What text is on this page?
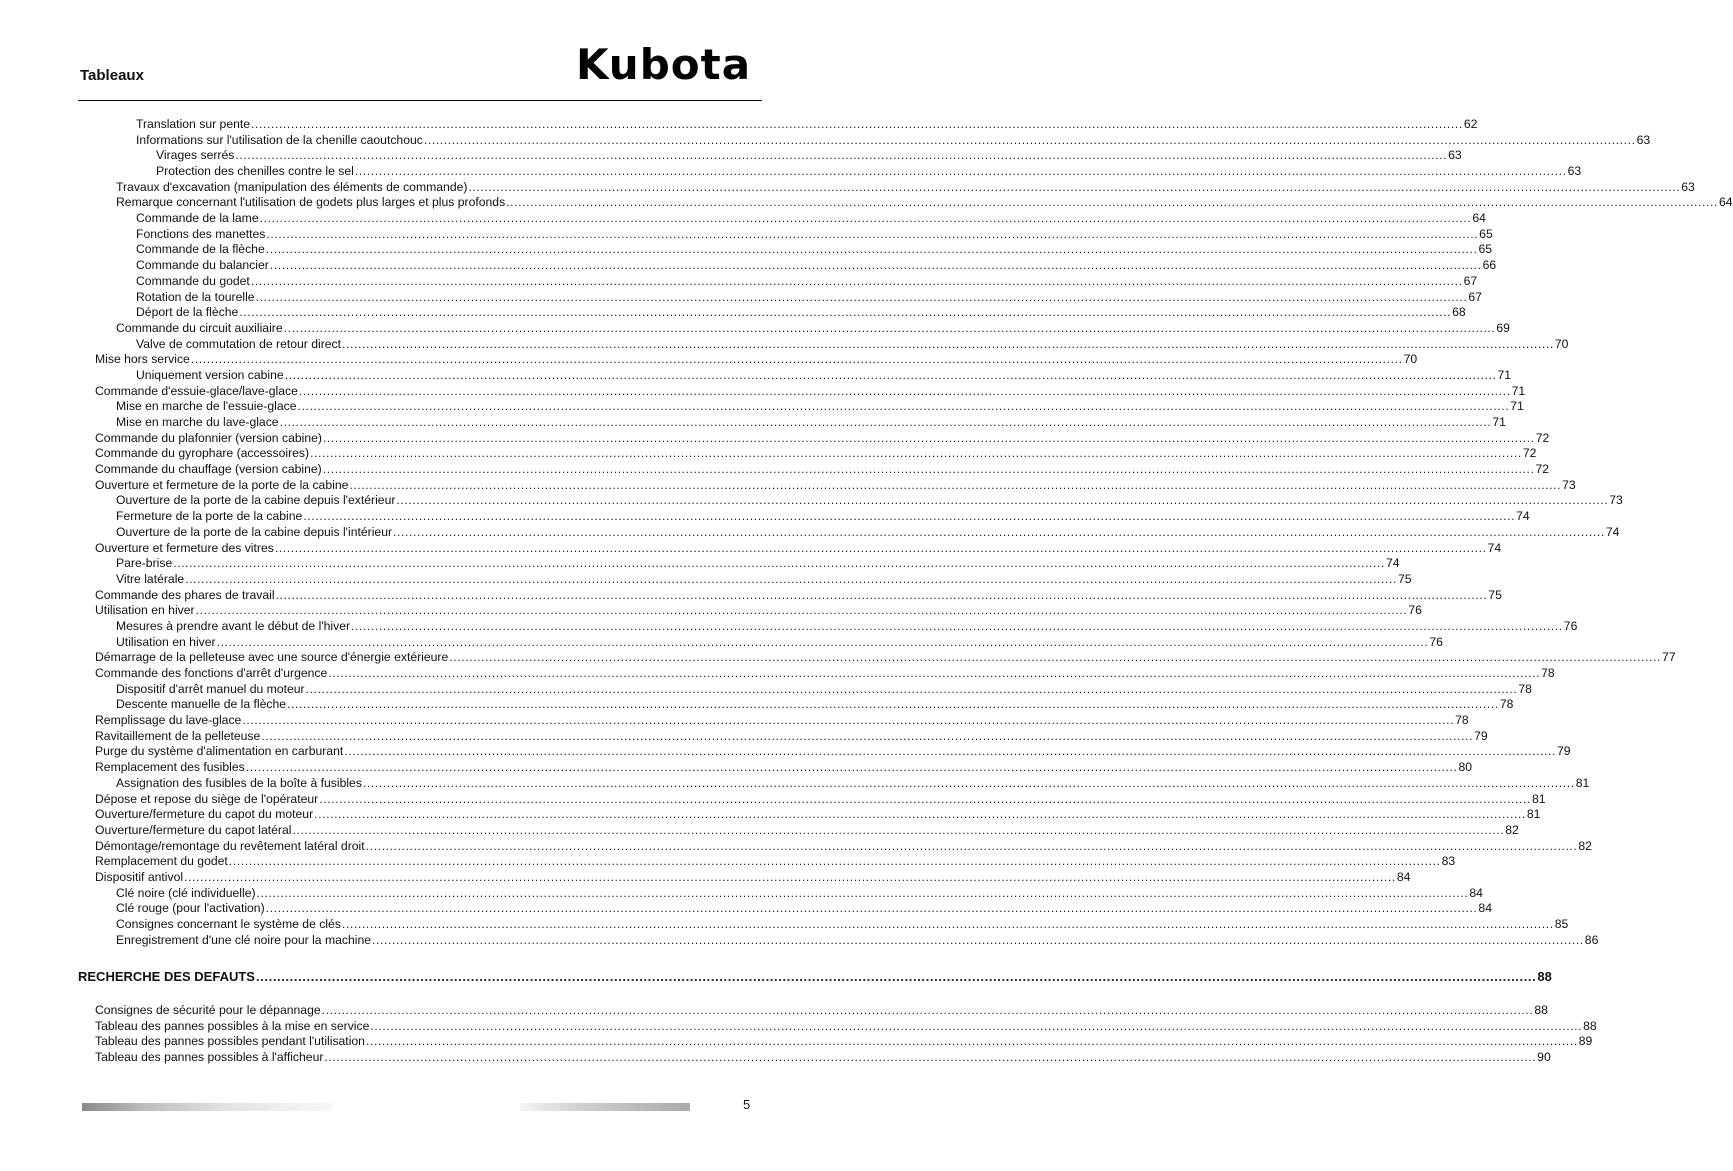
Tableaux	Kubota
Translation sur pente .....	62
Informations sur l'utilisation de la chenille caoutchouc .....	63
Virages serrés .....	63
Protection des chenilles contre le sel .....	63
Travaux d'excavation (manipulation des éléments de commande) .....	63
Remarque concernant l'utilisation de godets plus larges et plus profonds .....	64
Commande de la lame .....	64
Fonctions des manettes .....	65
Commande de la flèche .....	65
Commande du balancier .....	66
Commande du godet .....	67
Rotation de la tourelle .....	67
Déport de la flèche .....	68
Commande du circuit auxiliaire .....	69
Valve de commutation de retour direct .....	70
Mise hors service .....	70
Uniquement version cabine .....	71
Commande d'essuie-glace/lave-glace .....	71
Mise en marche de l'essuie-glace .....	71
Mise en marche du lave-glace .....	71
Commande du plafonnier (version cabine) .....	72
Commande du gyrophare (accessoires) .....	72
Commande du chauffage (version cabine) .....	72
Ouverture et fermeture de la porte de la cabine .....	73
Ouverture de la porte de la cabine depuis l'extérieur .....	73
Fermeture de la porte de la cabine .....	74
Ouverture de la porte de la cabine depuis l'intérieur .....	74
Ouverture et fermeture des vitres .....	74
Pare-brise .....	74
Vitre latérale .....	75
Commande des phares de travail .....	75
Utilisation en hiver .....	76
Mesures à prendre avant le début de l'hiver .....	76
Utilisation en hiver .....	76
Démarrage de la pelleteuse avec une source d'énergie extérieure .....	77
Commande des fonctions d'arrêt d'urgence .....	78
Dispositif d'arrêt manuel du moteur .....	78
Descente manuelle de la flèche .....	78
Remplissage du lave-glace .....	78
Ravitaillement de la pelleteuse .....	79
Purge du système d'alimentation en carburant .....	79
Remplacement des fusibles .....	80
Assignation des fusibles de la boîte à fusibles .....	81
Dépose et repose du siège de l'opérateur .....	81
Ouverture/fermeture du capot du moteur .....	81
Ouverture/fermeture du capot latéral .....	82
Démontage/remontage du revêtement latéral droit .....	82
Remplacement du godet .....	83
Dispositif antivol .....	84
Clé noire (clé individuelle) .....	84
Clé rouge (pour l'activation) .....	84
Consignes concernant le système de clés .....	85
Enregistrement d'une clé noire pour la machine .....	86
RECHERCHE DES DEFAUTS .....	88
Consignes de sécurité pour le dépannage .....	88
Tableau des pannes possibles à la mise en service .....	88
Tableau des pannes possibles pendant l'utilisation .....	89
Tableau des pannes possibles à l'afficheur .....	90
5
